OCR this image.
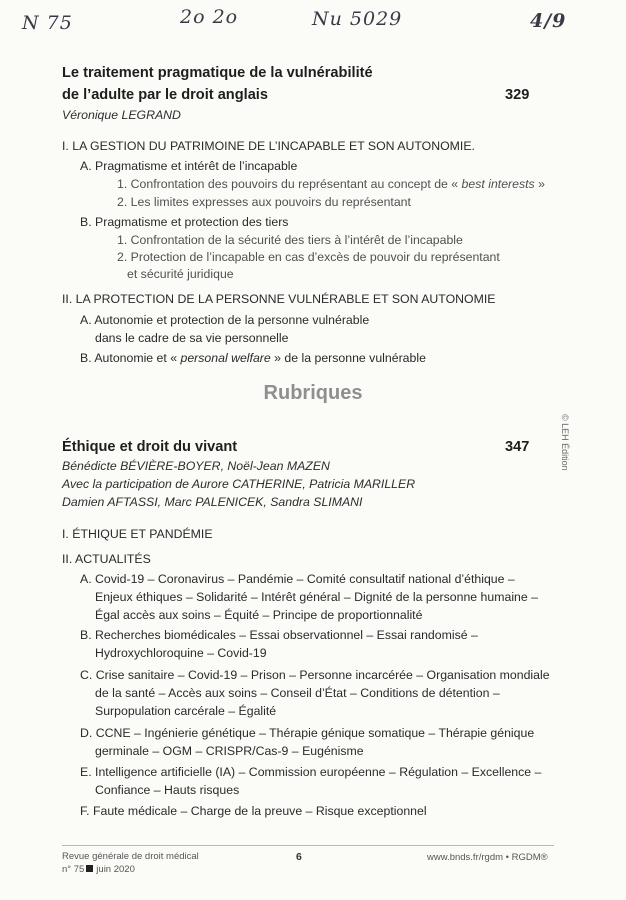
N 75	2o 2o	Nu 5029	4/9
Le traitement pragmatique de la vulnérabilité
de l’adulte par le droit anglais	329
Véronique LEGRAND
I. LA GESTION DU PATRIMOINE DE L’INCAPABLE ET SON AUTONOMIE.
A. Pragmatisme et intérêt de l’incapable
1. Confrontation des pouvoirs du représentant au concept de « best interests »
2. Les limites expresses aux pouvoirs du représentant
B. Pragmatisme et protection des tiers
1. Confrontation de la sécurité des tiers à l’intérêt de l’incapable
2. Protection de l’incapable en cas d’excès de pouvoir du représentant
et sécurité juridique
II. LA PROTECTION DE LA PERSONNE VULNÉRABLE ET SON AUTONOMIE
A. Autonomie et protection de la personne vulnérable
dans le cadre de sa vie personnelle
B. Autonomie et « personal welfare » de la personne vulnérable
Rubriques
© LEH Édition
Éthique et droit du vivant	347
Bénédicte BÉVIÈRE-BOYER, Noël-Jean MAZEN
Avec la participation de Aurore CATHERINE, Patricia MARILLER
Damien AFTASSI, Marc PALENICEK, Sandra SLIMANI
I. ÉTHIQUE ET PANDÉMIE
II. ACTUALITÉS
A. Covid-19 – Coronavirus – Pandémie – Comité consultatif national d’éthique –
Enjeux éthiques – Solidarité – Intérêt général – Dignité de la personne humaine –
Égal accès aux soins – Équité – Principe de proportionnalité
B. Recherches biomédicales – Essai observationnel – Essai randomisé –
Hydroxychloroquine – Covid-19
C. Crise sanitaire – Covid-19 – Prison – Personne incarcérée – Organisation mondiale
de la santé – Accès aux soins – Conseil d’État – Conditions de détention –
Surpopulation carcérale – Égalité
D. CCNE – Ingénierie génétique – Thérapie génique somatique – Thérapie génique
germinale – OGM – CRISPR/Cas-9 – Eugénisme
E. Intelligence artificielle (IA) – Commission européenne – Régulation – Excellence –
Confiance – Hauts risques
F. Faute médicale – Charge de la preuve – Risque exceptionnel
Revue générale de droit médical
n° 75 juin 2020
6	www.bnds.fr/rgdm • RGDM®
